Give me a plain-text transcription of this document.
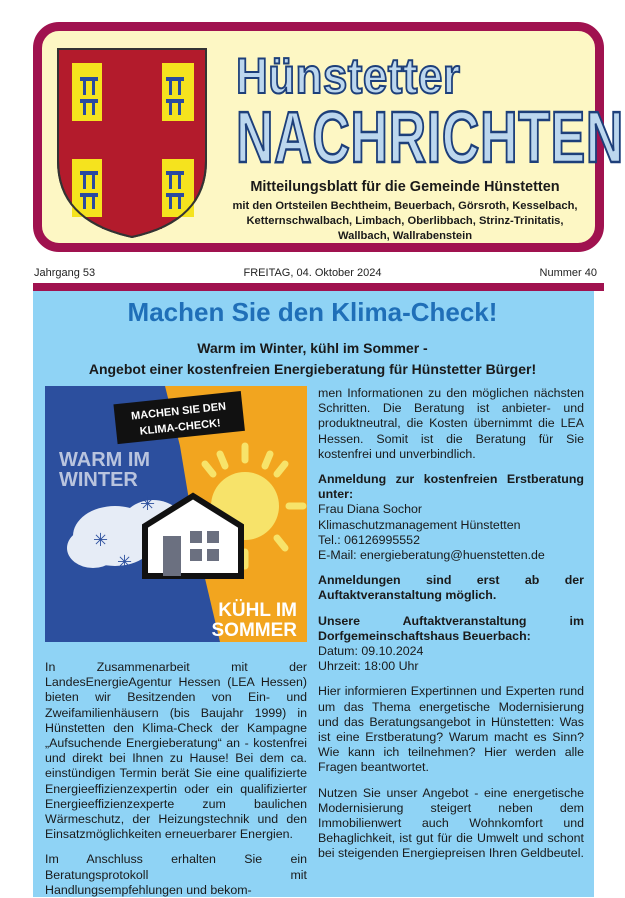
Hünstetter
NACHRICHTEN
Mitteilungsblatt für die Gemeinde Hünstetten
mit den Ortsteilen Bechtheim, Beuerbach, Görsroth, Kesselbach,
Ketternschwalbach, Limbach, Oberlibbach, Strinz-Trinitatis,
Wallbach, Wallrabenstein
Jahrgang 53	FREITAG, 04. Oktober 2024	Nummer 40
Machen Sie den Klima-Check!
Warm im Winter, kühl im Sommer -
Angebot einer kostenfreien Energieberatung für Hünstetter Bürger!
MACHEN SIE DEN
KLIMA-CHECK!
WARM IM
WINTER
✳
✳
✳
KÜHL IM
SOMMER

In Zusammenarbeit mit der LandesEnergieAgentur Hessen (LEA Hessen) bieten wir Besitzenden von Ein- und Zweifamilienhäusern (bis Baujahr 1999) in Hünstetten den Klima-Check der Kampagne „Aufsuchende Energieberatung“ an - kostenfrei und direkt bei Ihnen zu Hause! Bei dem ca. einstündigen Termin berät Sie eine qualifizierte Energieeffizienzexpertin oder ein qualifizierter Energieeffizienzexperte zum baulichen Wärmeschutz, der Heizungstechnik und den Einsatzmöglichkeiten erneuerbarer Energien.

Im Anschluss erhalten Sie ein Beratungsprotokoll mit Handlungsempfehlungen und bekom-

men Informationen zu den möglichen nächsten Schritten. Die Beratung ist anbieter- und produktneutral, die Kosten übernimmt die LEA Hessen. Somit ist die Beratung für Sie kostenfrei und unverbindlich.

Anmeldung zur kostenfreien Erstberatung unter:

Frau Diana Sochor

Klimaschutzmanagement Hünstetten

Tel.: 06126995552

E-Mail: energieberatung@huenstetten.de

Anmeldungen sind erst ab der Auftaktveranstaltung möglich.

Unsere Auftaktveranstaltung im Dorfgemeinschaftshaus Beuerbach:

Datum: 09.10.2024

Uhrzeit: 18:00 Uhr

Hier informieren Expertinnen und Experten rund um das Thema energetische Modernisierung und das Beratungsangebot in Hünstetten: Was ist eine Erstberatung? Warum macht es Sinn? Wie kann ich teilnehmen? Hier werden alle Fragen beantwortet.

Nutzen Sie unser Angebot - eine energetische Modernisierung steigert neben dem Immobilienwert auch Wohnkomfort und Behaglichkeit, ist gut für die Umwelt und schont bei steigenden Energiepreisen Ihren Geldbeutel.
